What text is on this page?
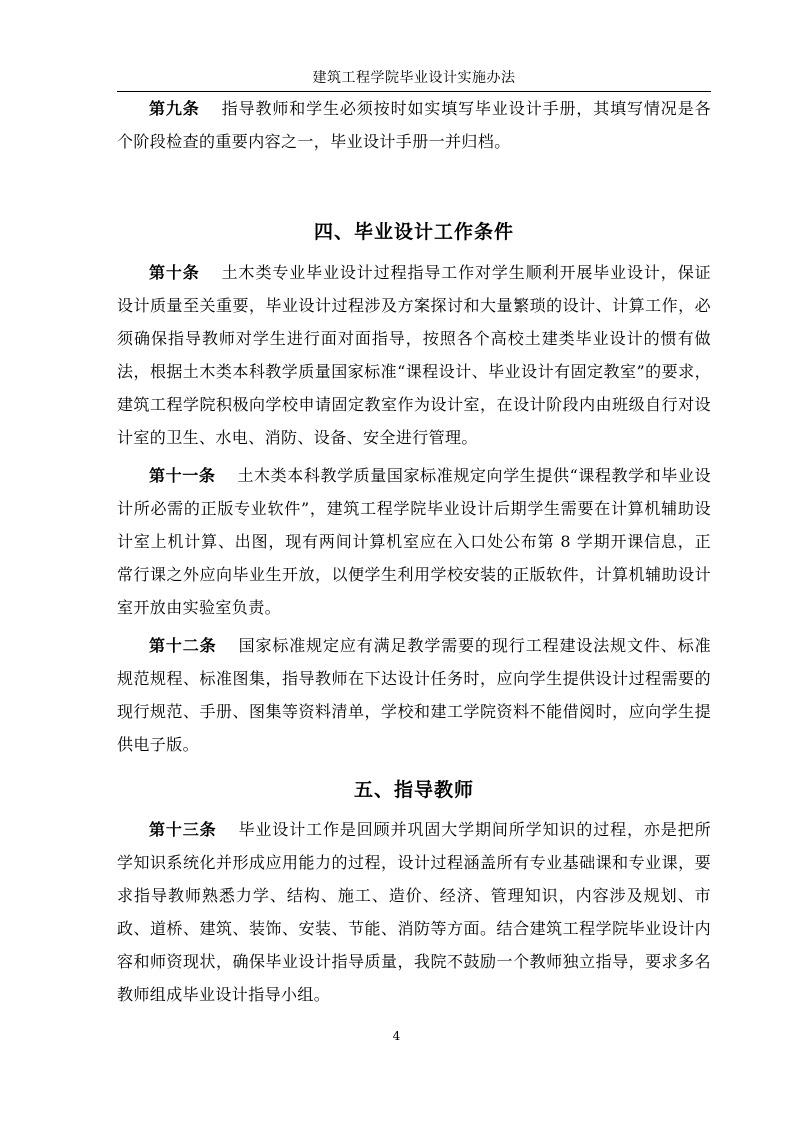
建筑工程学院毕业设计实施办法

第九条 指导教师和学生必须按时如实填写毕业设计手册，其填写情况是各个阶段检查的重要内容之一，毕业设计手册一并归档。

四、毕业设计工作条件

第十条 土木类专业毕业设计过程指导工作对学生顺利开展毕业设计，保证设计质量至关重要，毕业设计过程涉及方案探讨和大量繁琐的设计、计算工作，必须确保指导教师对学生进行面对面指导，按照各个高校土建类毕业设计的惯有做法，根据土木类本科教学质量国家标准“课程设计、毕业设计有固定教室”的要求，建筑工程学院积极向学校申请固定教室作为设计室，在设计阶段内由班级自行对设计室的卫生、水电、消防、设备、安全进行管理。

第十一条 土木类本科教学质量国家标准规定向学生提供“课程教学和毕业设计所必需的正版专业软件”，建筑工程学院毕业设计后期学生需要在计算机辅助设计室上机计算、出图，现有两间计算机室应在入口处公布第 8 学期开课信息，正常行课之外应向毕业生开放，以便学生利用学校安装的正版软件，计算机辅助设计室开放由实验室负责。

第十二条 国家标准规定应有满足教学需要的现行工程建设法规文件、标准规范规程、标准图集，指导教师在下达设计任务时，应向学生提供设计过程需要的现行规范、手册、图集等资料清单，学校和建工学院资料不能借阅时，应向学生提供电子版。

五、指导教师

第十三条 毕业设计工作是回顾并巩固大学期间所学知识的过程，亦是把所学知识系统化并形成应用能力的过程，设计过程涵盖所有专业基础课和专业课，要求指导教师熟悉力学、结构、施工、造价、经济、管理知识，内容涉及规划、市政、道桥、建筑、装饰、安装、节能、消防等方面。结合建筑工程学院毕业设计内容和师资现状，确保毕业设计指导质量，我院不鼓励一个教师独立指导，要求多名教师组成毕业设计指导小组。

4
